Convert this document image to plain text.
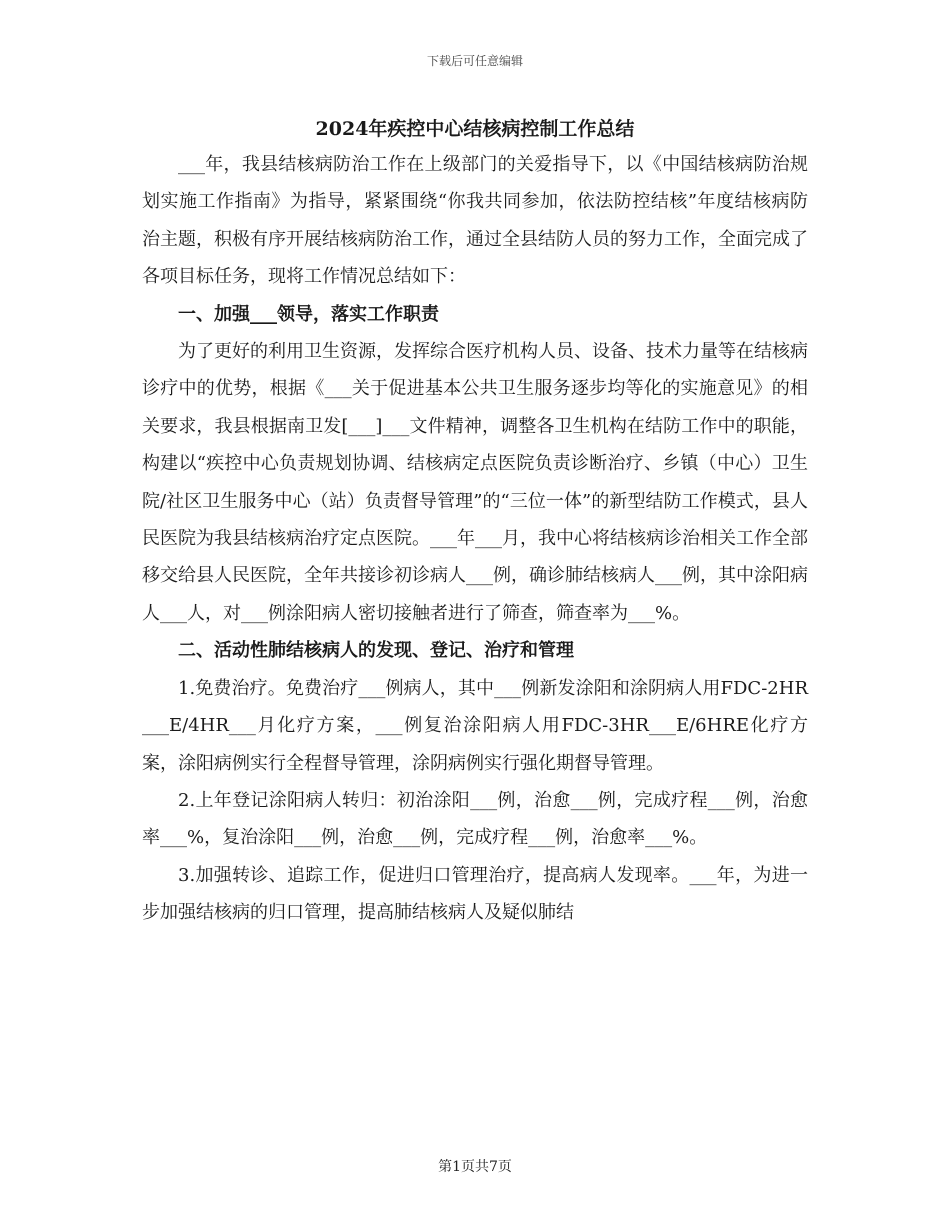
下载后可任意编辑
2024年疾控中心结核病控制工作总结

___年，我县结核病防治工作在上级部门的关爱指导下，以《中国结核病防治规划实施工作指南》为指导，紧紧围绕“你我共同参加，依法防控结核”年度结核病防治主题，积极有序开展结核病防治工作，通过全县结防人员的努力工作，全面完成了各项目标任务，现将工作情况总结如下：

一、加强___领导，落实工作职责

为了更好的利用卫生资源，发挥综合医疗机构人员、设备、技术力量等在结核病诊疗中的优势，根据《___关于促进基本公共卫生服务逐步均等化的实施意见》的相关要求，我县根据南卫发[___]___文件精神，调整各卫生机构在结防工作中的职能，构建以“疾控中心负责规划协调、结核病定点医院负责诊断治疗、乡镇（中心）卫生院/社区卫生服务中心（站）负责督导管理”的“三位一体”的新型结防工作模式，县人民医院为我县结核病治疗定点医院。___年___月，我中心将结核病诊治相关工作全部移交给县人民医院，全年共接诊初诊病人___例，确诊肺结核病人___例，其中涂阳病人___人，对___例涂阳病人密切接触者进行了筛查，筛查率为___%。

二、活动性肺结核病人的发现、登记、治疗和管理

1.免费治疗。免费治疗___例病人，其中___例新发涂阳和涂阴病人用FDC-2HR___E/4HR___月化疗方案，___例复治涂阳病人用FDC-3HR___E/6HRE化疗方案，涂阳病例实行全程督导管理，涂阴病例实行强化期督导管理。

2.上年登记涂阳病人转归：初治涂阳___例，治愈___例，完成疗程___例，治愈率___%，复治涂阳___例，治愈___例，完成疗程___例，治愈率___%。

3.加强转诊、追踪工作，促进归口管理治疗，提高病人发现率。___年，为进一步加强结核病的归口管理，提高肺结核病人及疑似肺结

第1页共7页
